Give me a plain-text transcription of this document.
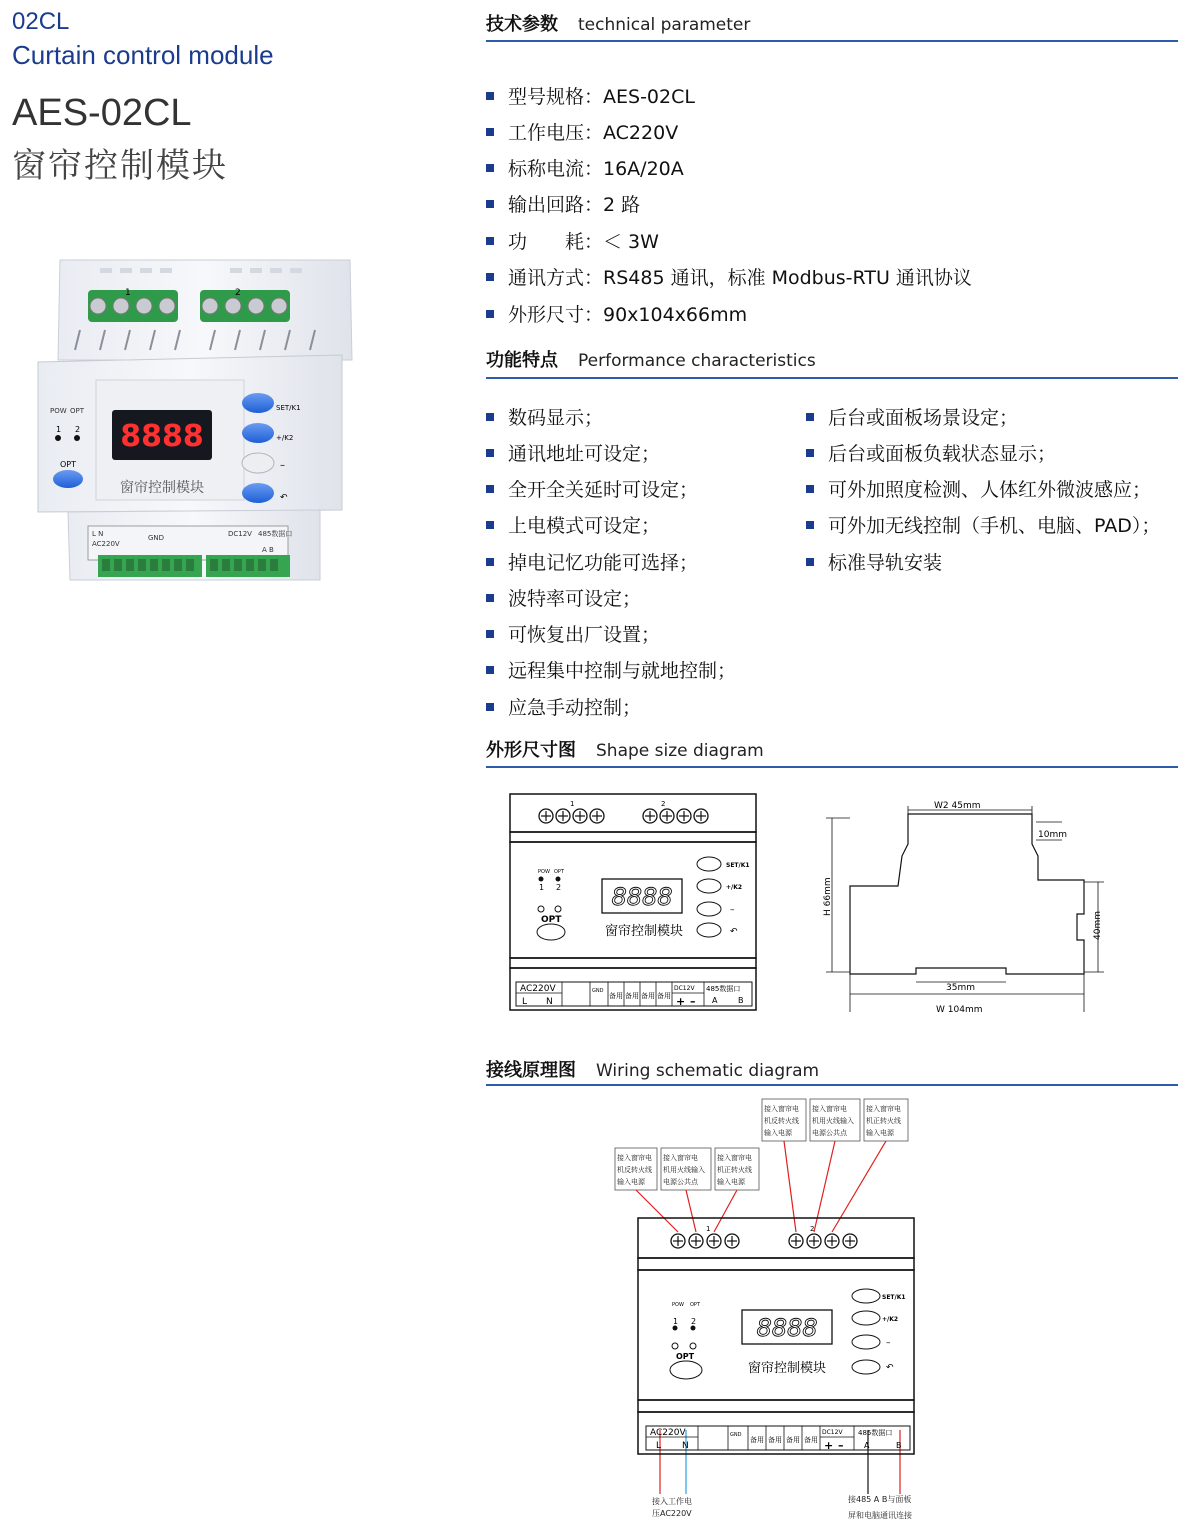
02CL
Curtain control module
AES-02CL
窗帘控制模块
1	2
8888
窗帘控制模块
POW OPT
1 2
OPT
SET/K1
+/K2
–
↶
L N
AC220V
GND	DC12V 485数据口
A B
技术参数 technical parameter
型号规格：AES-02CL
工作电压：AC220V
标称电流：16A/20A
输出回路：2 路
功　　耗：＜ 3W
通讯方式：RS485 通讯，标准 Modbus-RTU 通讯协议
外形尺寸：90x104x66mm
功能特点 Performance characteristics
数码显示；
通讯地址可设定；
全开全关延时可设定；
上电模式可设定；
掉电记忆功能可选择；
波特率可设定；
可恢复出厂设置；
远程集中控制与就地控制；
应急手动控制；
后台或面板场景设定；
后台或面板负载状态显示；
可外加照度检测、人体红外微波感应；
可外加无线控制（手机、电脑、PAD）；
标准导轨安装
外形尺寸图 Shape size diagram
1	2
POW OPT
1 2
OPT
8888
窗帘控制模块
SET/K1
+/K2
–
↶
AC220V
L N
GND
备用 备用 备用 备用
DC12V
+ –
485数据口
A	B
W2 45mm
10mm
H 66mm
40mm
35mm
W 104mm
接线原理图 Wiring schematic diagram
接入窗帘电
机反转火线
输入电源
接入窗帘电
机用火线输入
电源公共点
接入窗帘电
机正转火线
输入电源
接入窗帘电
机反转火线
输入电源
接入窗帘电
机用火线输入
电源公共点
接入窗帘电
机正转火线
输入电源
1	2
POW OPT
1 2
OPT
8888
窗帘控制模块
SET/K1
+/K2
–
↶
AC220V
L N
GND
备用 备用 备用 备用
DC12V
+ –
485数据口
A	B
接入工作电
压AC220V
接485 A B与面板
屏和电脑通讯连接
